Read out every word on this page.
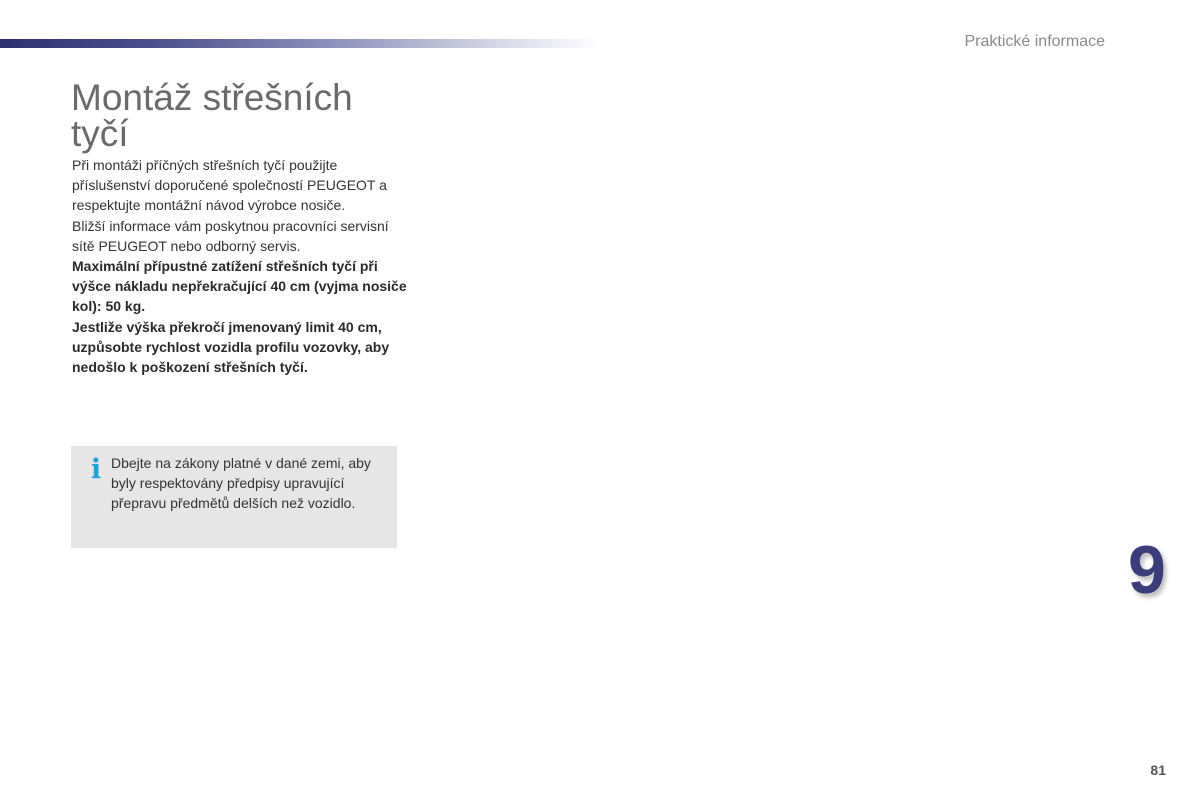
Praktické informace
Montáž střešních
tyčí

Při montáži příčných střešních tyčí použijte příslušenství doporučené společností PEUGEOT a respektujte montážní návod výrobce nosiče.

Bližší informace vám poskytnou pracovníci servisní sítě PEUGEOT nebo odborný servis.

Maximální přípustné zatížení střešních tyčí při výšce nákladu nepřekračující 40 cm (vyjma nosiče kol): 50 kg.

Jestliže výška překročí jmenovaný limit 40 cm, uzpůsobte rychlost vozidla profilu vozovky, aby nedošlo k poškození střešních tyčí.

i Dbejte na zákony platné v dané zemi, aby byly respektovány předpisy upravující přepravu předmětů delších než vozidlo.
9
81
